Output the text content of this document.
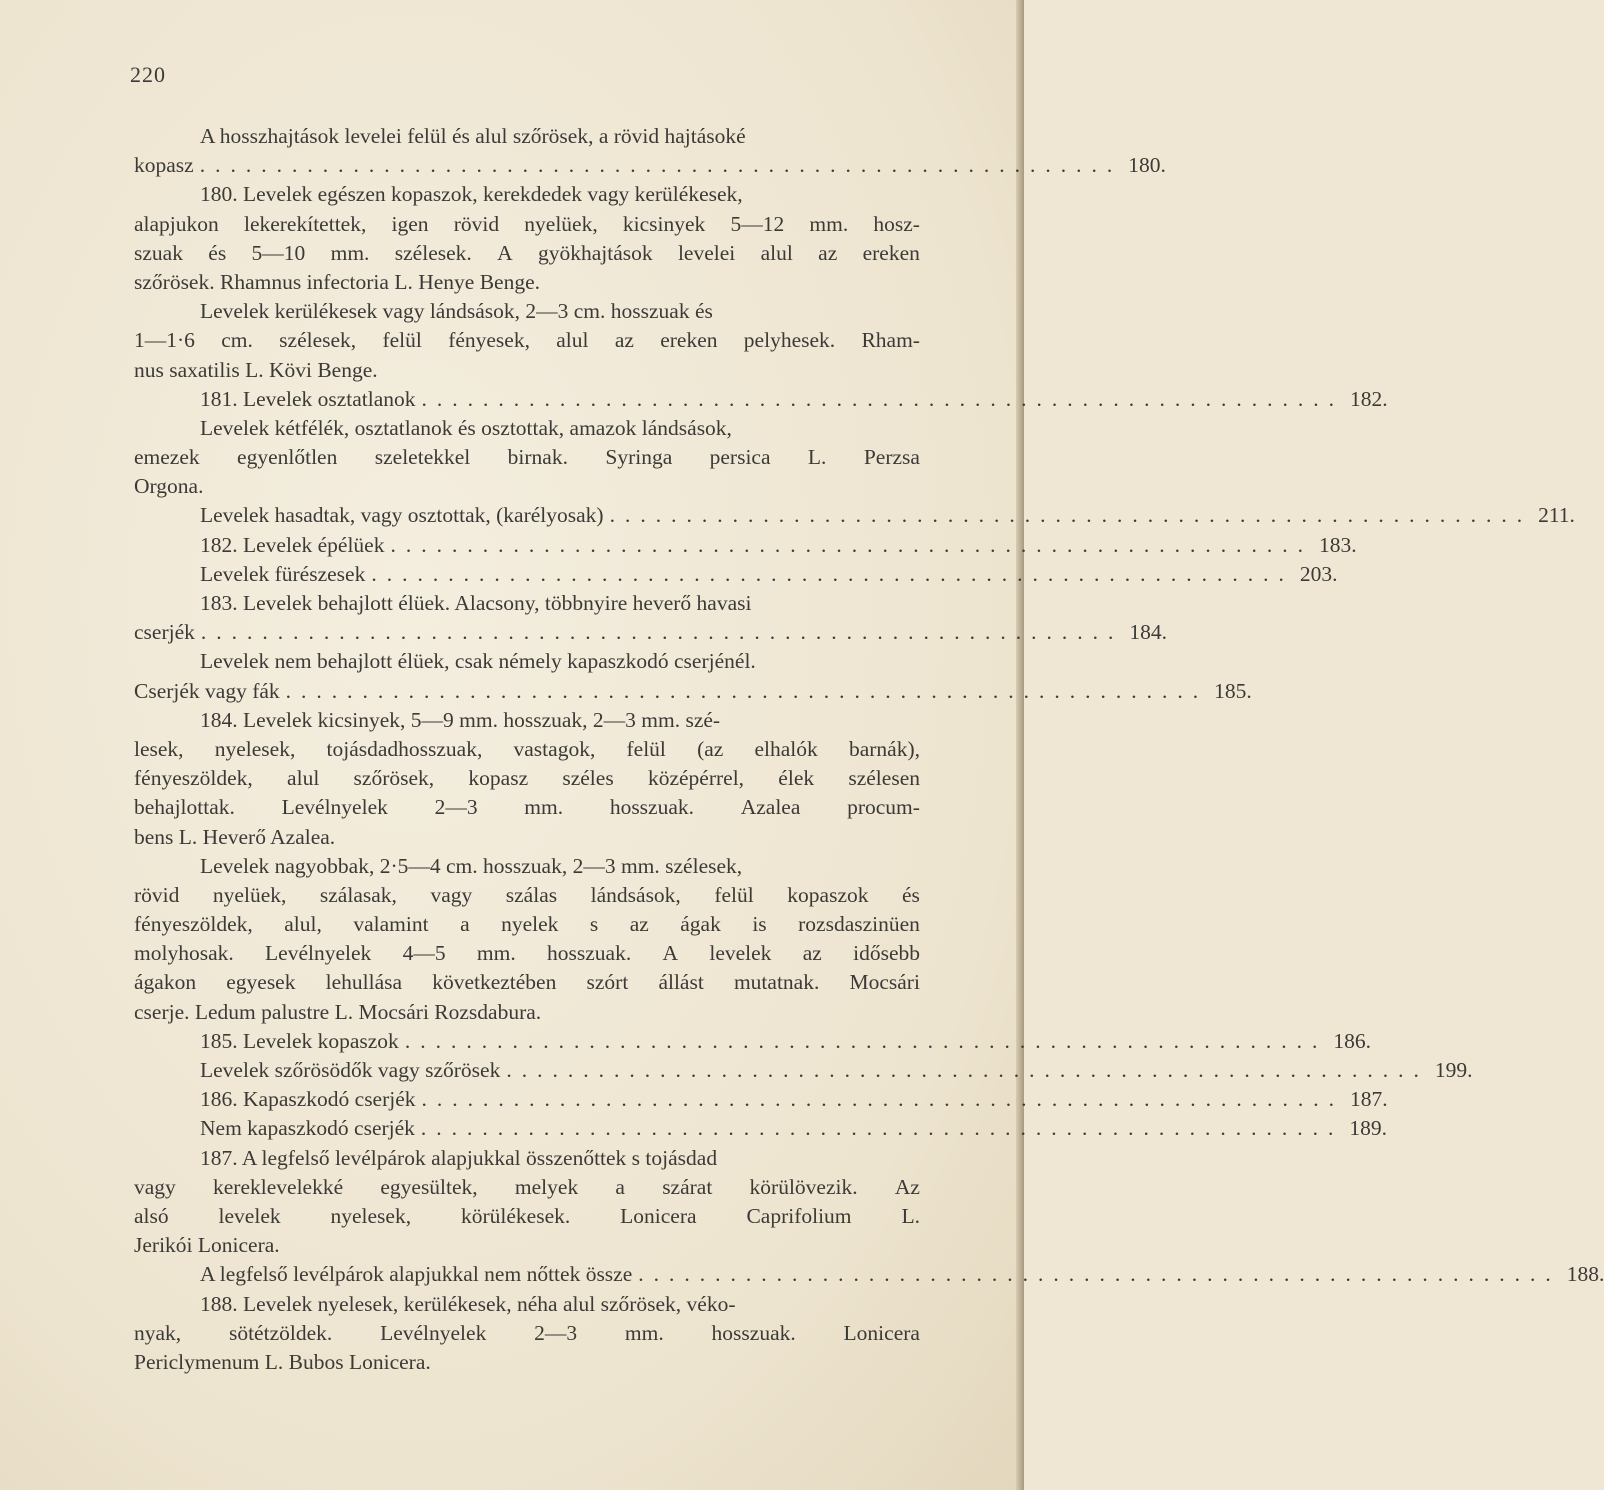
220
A hosszhajtások levelei felül és alul szőrösek, a rövid hajtásoké
kopasz ............................................................ 180.
180. Levelek egészen kopaszok, kerekdedek vagy kerülékesek,
alapjukon lekerekítettek, igen rövid nyelüek, kicsinyek 5—12 mm. hosz-
szuak és 5—10 mm. szélesek. A gyökhajtások levelei alul az ereken
szőrösek. Rhamnus infectoria L. Henye Benge.
Levelek kerülékesek vagy lándsások, 2—3 cm. hosszuak és
1—1·6 cm. szélesek, felül fényesek, alul az ereken pelyhesek. Rham-
nus saxatilis L. Kövi Benge.
181. Levelek osztatlanok ............................................................ 182.
Levelek kétfélék, osztatlanok és osztottak, amazok lándsások,
emezek egyenlőtlen szeletekkel birnak. Syringa persica L. Perzsa
Orgona.
Levelek hasadtak, vagy osztottak, (karélyosak) ............................................................ 211.
182. Levelek épélüek ............................................................ 183.
Levelek fürészesek ............................................................ 203.
183. Levelek behajlott élüek. Alacsony, többnyire heverő havasi
cserjék ............................................................ 184.
Levelek nem behajlott élüek, csak némely kapaszkodó cserjénél.
Cserjék vagy fák ............................................................ 185.
184. Levelek kicsinyek, 5—9 mm. hosszuak, 2—3 mm. szé-
lesek, nyelesek, tojásdadhosszuak, vastagok, felül (az elhalók barnák),
fényeszöldek, alul szőrösek, kopasz széles középérrel, élek szélesen
behajlottak. Levélnyelek 2—3 mm. hosszuak. Azalea procum-
bens L. Heverő Azalea.
Levelek nagyobbak, 2·5—4 cm. hosszuak, 2—3 mm. szélesek,
rövid nyelüek, szálasak, vagy szálas lándsások, felül kopaszok és
fényeszöldek, alul, valamint a nyelek s az ágak is rozsdaszinüen
molyhosak. Levélnyelek 4—5 mm. hosszuak. A levelek az idősebb
ágakon egyesek lehullása következtében szórt állást mutatnak. Mocsári
cserje. Ledum palustre L. Mocsári Rozsdabura.
185. Levelek kopaszok ............................................................ 186.
Levelek szőrösödők vagy szőrösek ............................................................ 199.
186. Kapaszkodó cserjék ............................................................ 187.
Nem kapaszkodó cserjék ............................................................ 189.
187. A legfelső levélpárok alapjukkal összenőttek s tojásdad
vagy kereklevelekké egyesültek, melyek a szárat körülövezik. Az
alsó levelek nyelesek, körülékesek. Lonicera Caprifolium L.
Jerikói Lonicera.
A legfelső levélpárok alapjukkal nem nőttek össze ............................................................ 188.
188. Levelek nyelesek, kerülékesek, néha alul szőrösek, véko-
nyak, sötétzöldek. Levélnyelek 2—3 mm. hosszuak. Lonicera
Periclymenum L. Bubos Lonicera.
